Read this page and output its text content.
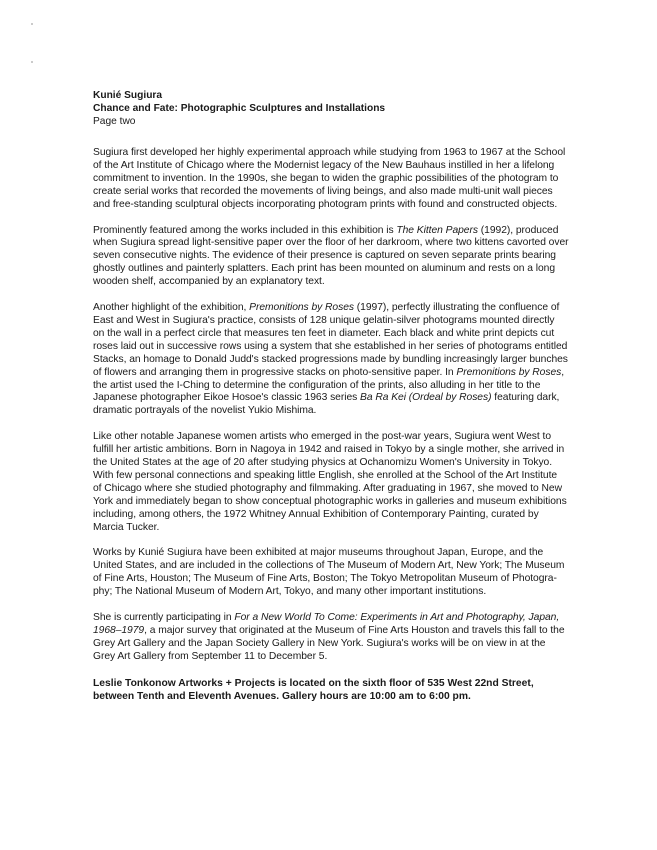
Kunié Sugiura
Chance and Fate: Photographic Sculptures and Installations
Page two
Sugiura first developed her highly experimental approach while studying from 1963 to 1967 at the School
of the Art Institute of Chicago where the Modernist legacy of the New Bauhaus instilled in her a lifelong
commitment to invention. In the 1990s, she began to widen the graphic possibilities of the photogram to
create serial works that recorded the movements of living beings, and also made multi-unit wall pieces
and free-standing sculptural objects incorporating photogram prints with found and constructed objects.
Prominently featured among the works included in this exhibition is The Kitten Papers (1992), produced
when Sugiura spread light-sensitive paper over the floor of her darkroom, where two kittens cavorted over
seven consecutive nights. The evidence of their presence is captured on seven separate prints bearing
ghostly outlines and painterly splatters. Each print has been mounted on aluminum and rests on a long
wooden shelf, accompanied by an explanatory text.
Another highlight of the exhibition, Premonitions by Roses (1997), perfectly illustrating the confluence of
East and West in Sugiura's practice, consists of 128 unique gelatin-silver photograms mounted directly
on the wall in a perfect circle that measures ten feet in diameter. Each black and white print depicts cut
roses laid out in successive rows using a system that she established in her series of photograms entitled
Stacks, an homage to Donald Judd's stacked progressions made by bundling increasingly larger bunches
of flowers and arranging them in progressive stacks on photo-sensitive paper. In Premonitions by Roses,
the artist used the I-Ching to determine the configuration of the prints, also alluding in her title to the
Japanese photographer Eikoe Hosoe's classic 1963 series Ba Ra Kei (Ordeal by Roses) featuring dark,
dramatic portrayals of the novelist Yukio Mishima.
Like other notable Japanese women artists who emerged in the post-war years, Sugiura went West to
fulfill her artistic ambitions. Born in Nagoya in 1942 and raised in Tokyo by a single mother, she arrived in
the United States at the age of 20 after studying physics at Ochanomizu Women's University in Tokyo.
With few personal connections and speaking little English, she enrolled at the School of the Art Institute
of Chicago where she studied photography and filmmaking. After graduating in 1967, she moved to New
York and immediately began to show conceptual photographic works in galleries and museum exhibitions
including, among others, the 1972 Whitney Annual Exhibition of Contemporary Painting, curated by
Marcia Tucker.
Works by Kunié Sugiura have been exhibited at major museums throughout Japan, Europe, and the
United States, and are included in the collections of The Museum of Modern Art, New York; The Museum
of Fine Arts, Houston; The Museum of Fine Arts, Boston; The Tokyo Metropolitan Museum of Photogra-
phy; The National Museum of Modern Art, Tokyo, and many other important institutions.
She is currently participating in For a New World To Come: Experiments in Art and Photography, Japan,
1968–1979, a major survey that originated at the Museum of Fine Arts Houston and travels this fall to the
Grey Art Gallery and the Japan Society Gallery in New York. Sugiura's works will be on view in at the
Grey Art Gallery from September 11 to December 5.
Leslie Tonkonow Artworks + Projects is located on the sixth floor of 535 West 22nd Street,
between Tenth and Eleventh Avenues. Gallery hours are 10:00 am to 6:00 pm.
